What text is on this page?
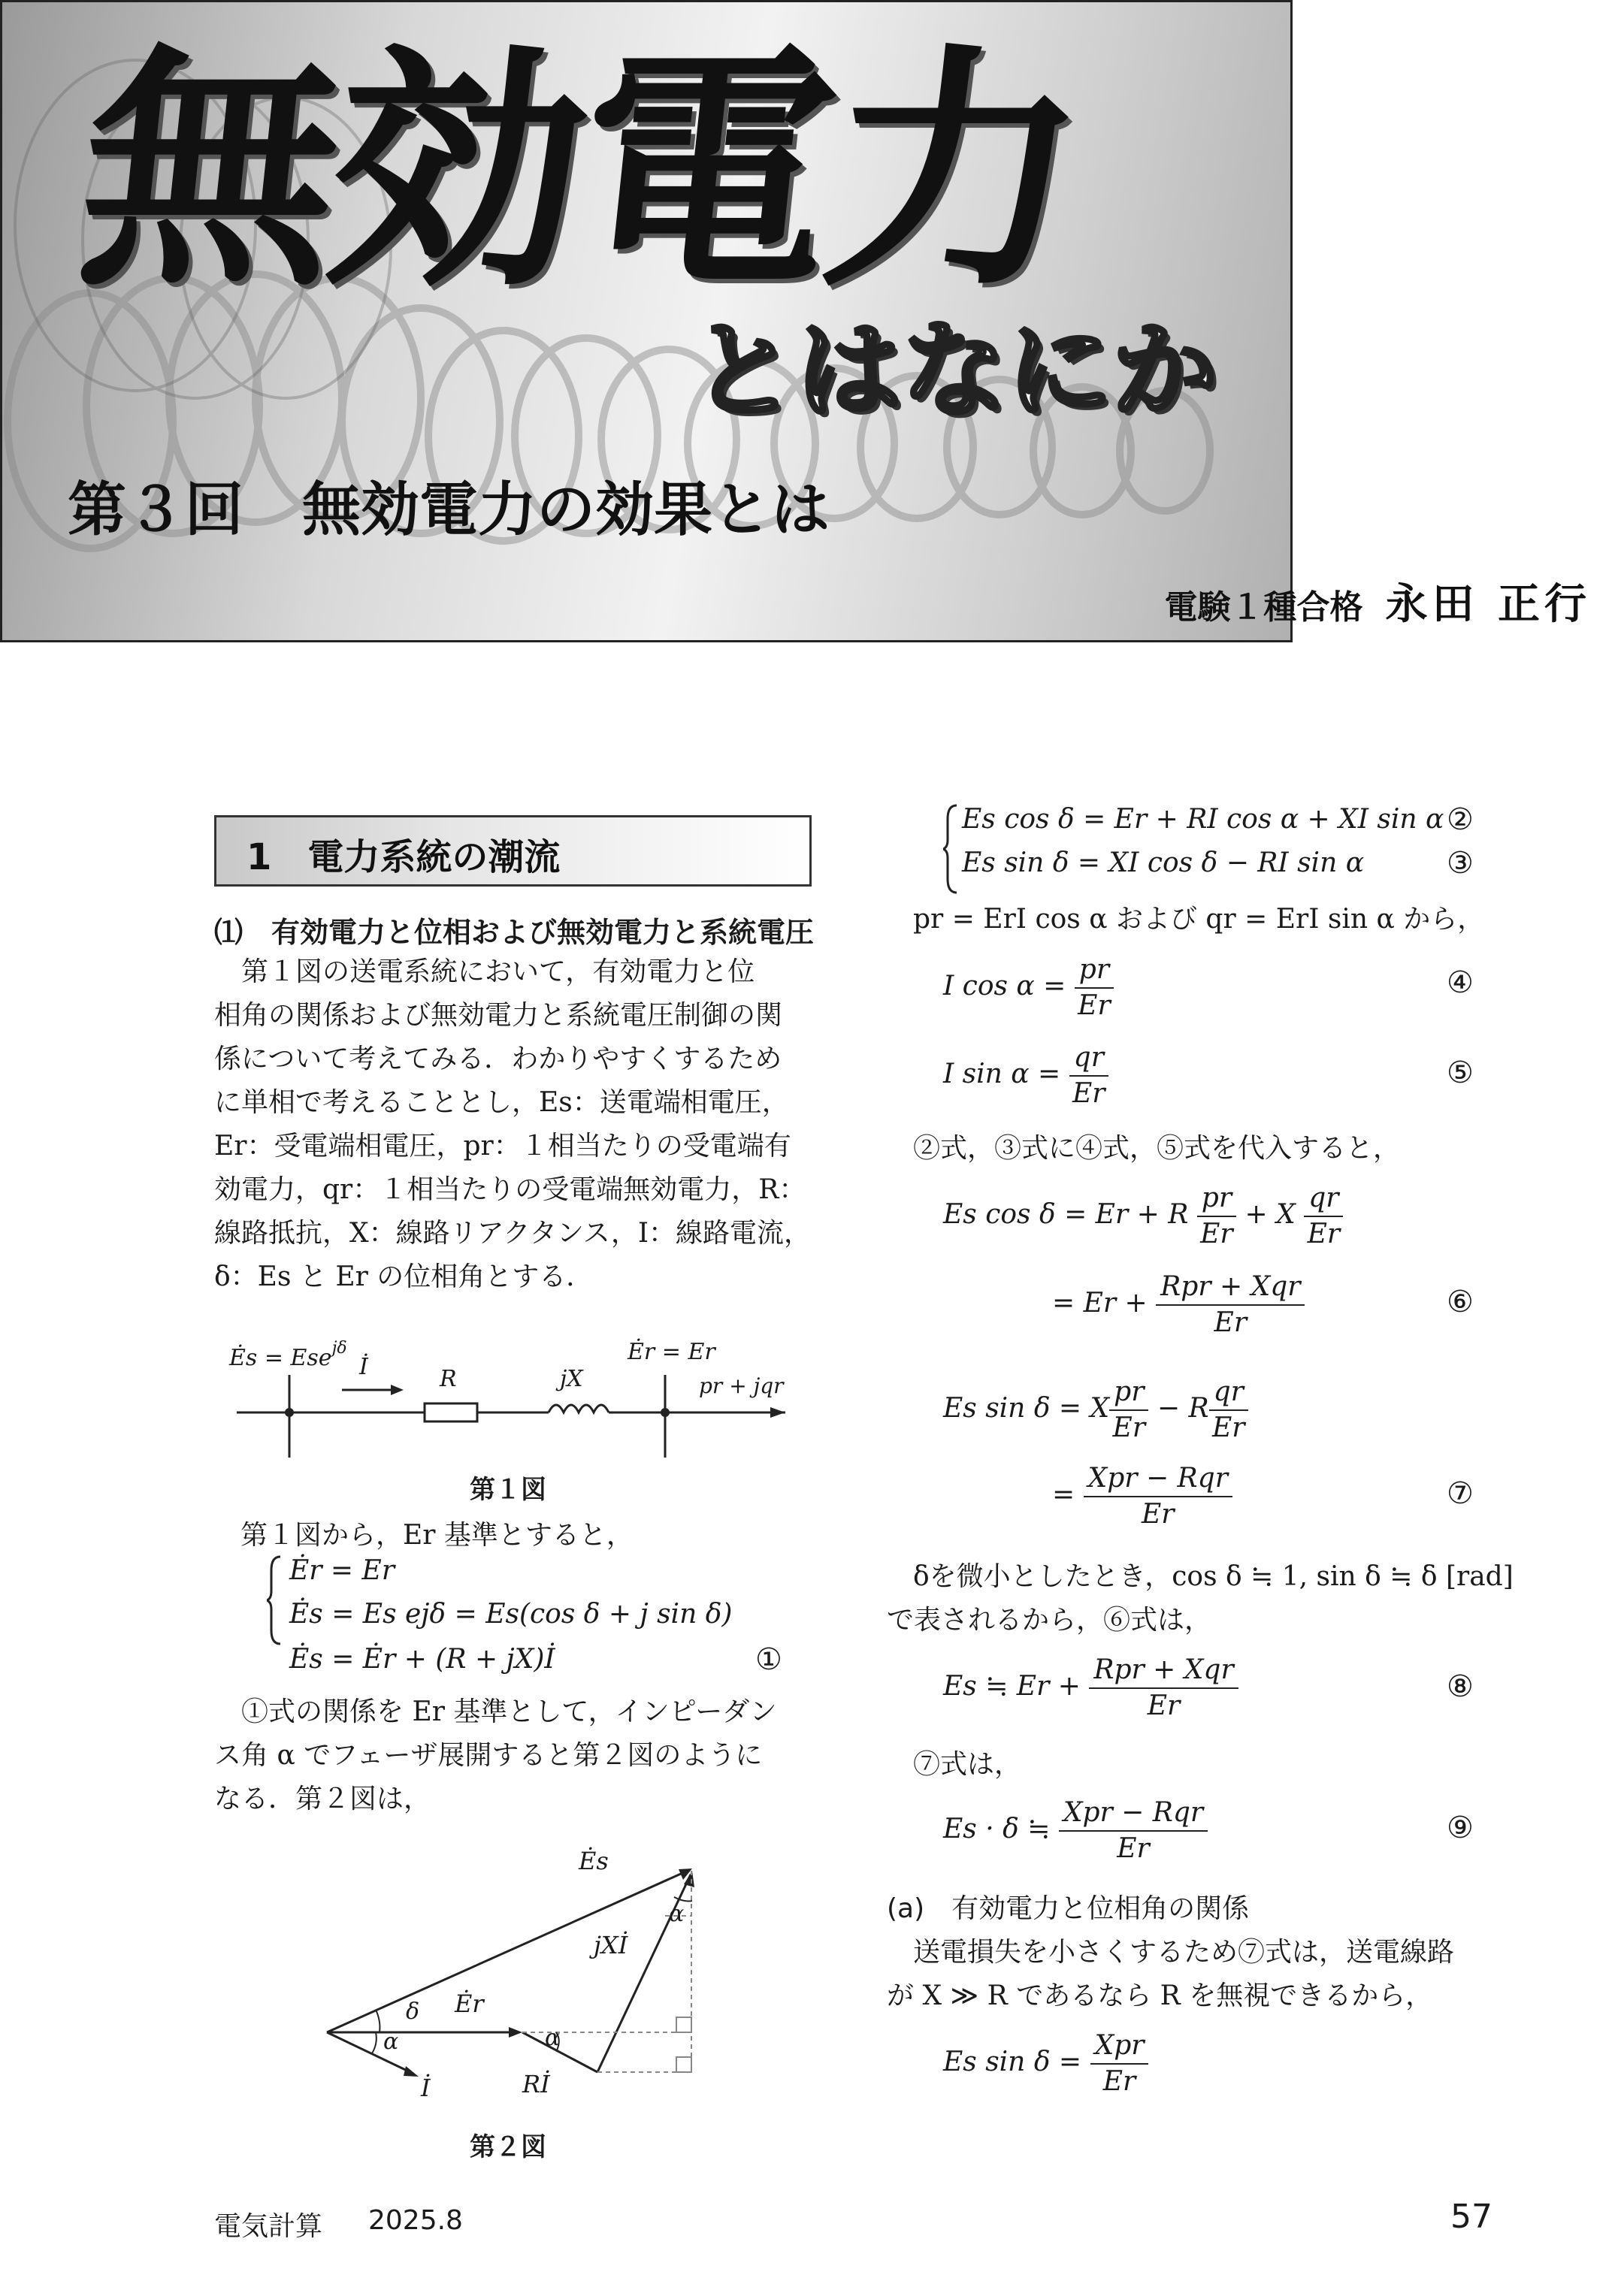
無効電力
とはなにか
第３回　無効電力の効果とは
電験１種合格 永田 正行
1　電力系統の潮流
⑴　有効電力と位相および無効電力と系統電圧
第１図の送電系統において，有効電力と位
相角の関係および無効電力と系統電圧制御の関
係について考えてみる．わかりやすくするため
に単相で考えることとし，Es：送電端相電圧，
Er：受電端相電圧，pr：１相当たりの受電端有
効電力，qr：１相当たりの受電端無効電力，R：
線路抵抗，X：線路リアクタンス，I：線路電流，
δ：Es と Er の位相角とする．
Ės = Ese$^{j\delta}$
İ	R	jX
Ėr = Er
pr + jqr
第１図
第１図から，Er 基準とすると，
Ėr = Er
Ės = Es ejδ = Es(cos δ + j sin δ)
Ės = Ėr + (R + jX)İ	①
①式の関係を Er 基準として，インピーダン
ス角 α でフェーザ展開すると第２図のように
なる．第２図は，
Ės
jXİ
α
δ Ėr
α	α
Rİ
İ
第２図
Es cos δ = Er + RI cos α + XI sin α ②
Es sin δ = XI cos δ − RI sin α	③
pr = ErI cos α および qr = ErI sin α から，
I $\cos \alpha = \frac{pr}{Er}$	④
I $\sin \alpha = \frac{qr}{Er}$	⑤
②式，③式に④式，⑤式を代入すると，
Es cos δ = Er + R $\frac{pr}{Er} + X \frac{qr}{Er}$
= $Er + \frac{\text{Rpr + Xqr}}{Er}$	⑥
Es sin δ = X $\frac{pr}{Er} - R \frac{qr}{Er}$
= $\frac{\text{Xpr − Rqr}}{Er}$	⑦
δを微小としたとき，cos δ ≒ 1, sin δ ≒ δ [rad]
で表されるから，⑥式は，
Es ≒ $Er + \frac{\text{Rpr + Xqr}}{Er}$	⑧
⑦式は，
Es · δ ≒ $\frac{\text{Xpr − Rqr}}{Er}$	⑨
(a)　有効電力と位相角の関係
送電損失を小さくするため⑦式は，送電線路
が X ≫ R であるなら R を無視できるから，
Es $\sin \delta = \frac{\text{Xpr}}{Er}$
電気計算 2025.8	57
